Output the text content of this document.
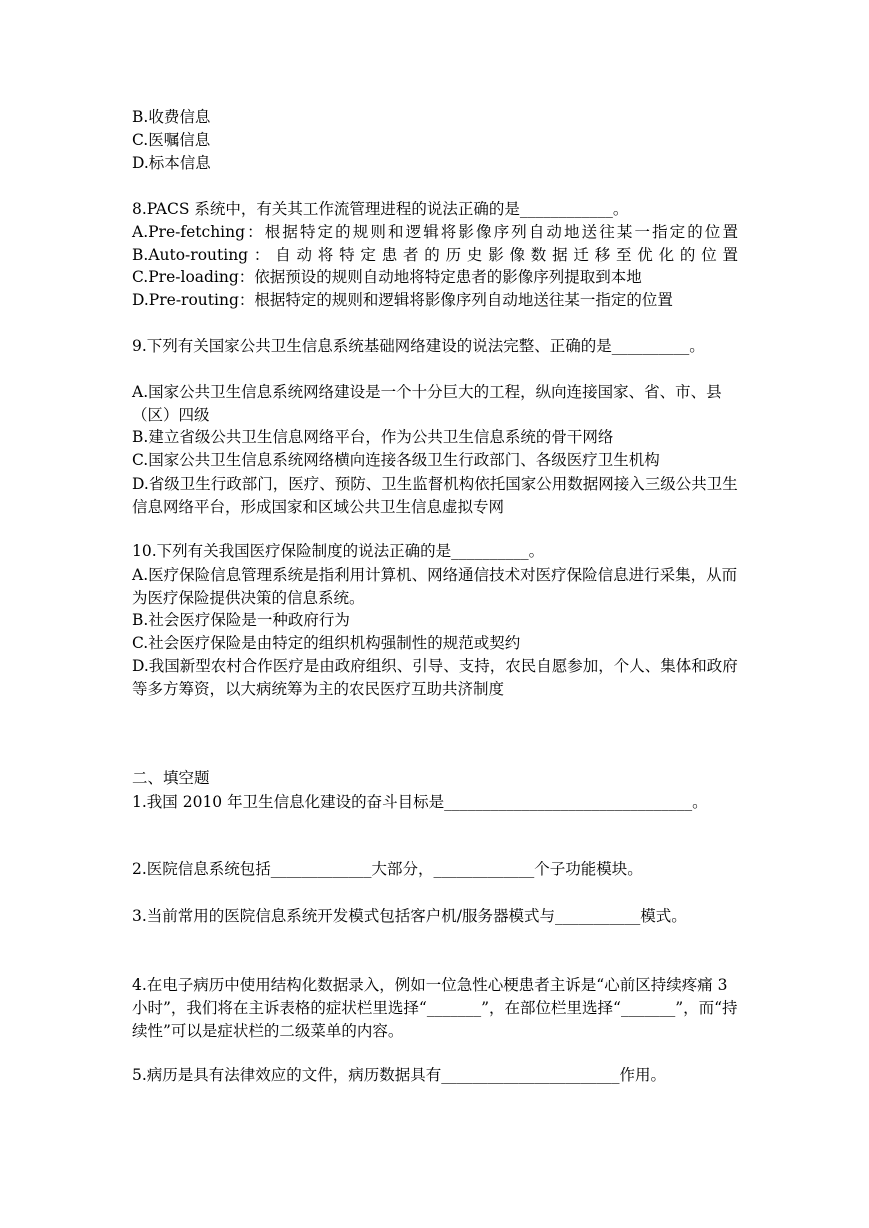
B.收费信息
C.医嘱信息
D.标本信息
8.PACS 系统中，有关其工作流管理进程的说法正确的是____________。
A.Pre-fetching：根据特定的规则和逻辑将影像序列自动地送往某一指定的位置 B.Auto-routing：自动将特定患者的历史影像数据迁移至优化的位置
C.Pre-loading：依据预设的规则自动地将特定患者的影像序列提取到本地
D.Pre-routing：根据特定的规则和逻辑将影像序列自动地送往某一指定的位置
9.下列有关国家公共卫生信息系统基础网络建设的说法完整、正确的是__________。
A.国家公共卫生信息系统网络建设是一个十分巨大的工程，纵向连接国家、省、市、县（区）四级
B.建立省级公共卫生信息网络平台，作为公共卫生信息系统的骨干网络
C.国家公共卫生信息系统网络横向连接各级卫生行政部门、各级医疗卫生机构
D.省级卫生行政部门，医疗、预防、卫生监督机构依托国家公用数据网接入三级公共卫生信息网络平台，形成国家和区域公共卫生信息虚拟专网
10.下列有关我国医疗保险制度的说法正确的是__________。
A.医疗保险信息管理系统是指利用计算机、网络通信技术对医疗保险信息进行采集，从而为医疗保险提供决策的信息系统。
B.社会医疗保险是一种政府行为
C.社会医疗保险是由特定的组织机构强制性的规范或契约
D.我国新型农村合作医疗是由政府组织、引导、支持，农民自愿参加，个人、集体和政府等多方筹资，以大病统筹为主的农民医疗互助共济制度
二、填空题
1.我国 2010 年卫生信息化建设的奋斗目标是________________________________。
2.医院信息系统包括_____________大部分，_____________个子功能模块。
3.当前常用的医院信息系统开发模式包括客户机/服务器模式与___________模式。
4.在电子病历中使用结构化数据录入，例如一位急性心梗患者主诉是“心前区持续疼痛 3 小时”，我们将在主诉表格的症状栏里选择“_______”，在部位栏里选择“_______”，而“持续性”可以是症状栏的二级菜单的内容。
5.病历是具有法律效应的文件，病历数据具有_______________________作用。
